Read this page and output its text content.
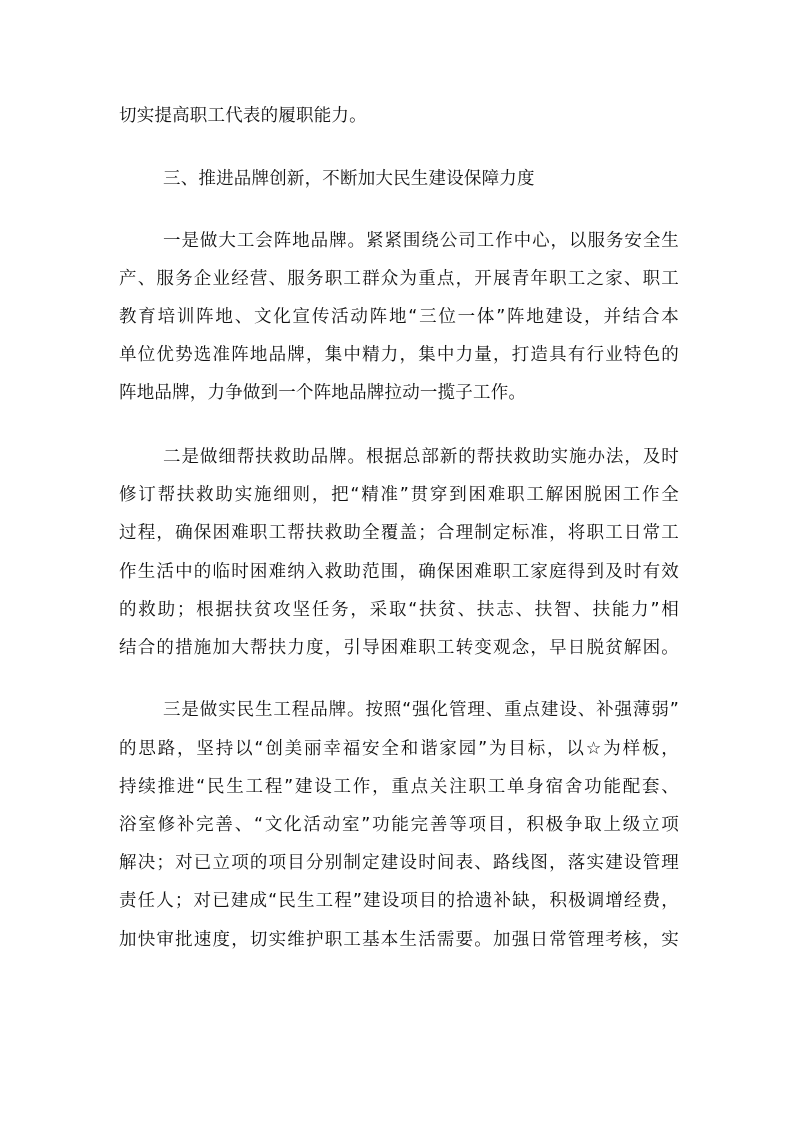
切实提高职工代表的履职能力。
三、推进品牌创新，不断加大民生建设保障力度
一是做大工会阵地品牌。紧紧围绕公司工作中心，以服务安全生
产、服务企业经营、服务职工群众为重点，开展青年职工之家、职工
教育培训阵地、文化宣传活动阵地“三位一体”阵地建设，并结合本
单位优势选准阵地品牌，集中精力，集中力量，打造具有行业特色的
阵地品牌，力争做到一个阵地品牌拉动一揽子工作。
二是做细帮扶救助品牌。根据总部新的帮扶救助实施办法，及时
修订帮扶救助实施细则，把“精准”贯穿到困难职工解困脱困工作全
过程，确保困难职工帮扶救助全覆盖；合理制定标准，将职工日常工
作生活中的临时困难纳入救助范围，确保困难职工家庭得到及时有效
的救助；根据扶贫攻坚任务，采取“扶贫、扶志、扶智、扶能力”相
结合的措施加大帮扶力度，引导困难职工转变观念，早日脱贫解困。
三是做实民生工程品牌。按照“强化管理、重点建设、补强薄弱”
的思路，坚持以“创美丽幸福安全和谐家园”为目标，以☆为样板，
持续推进“民生工程”建设工作，重点关注职工单身宿舍功能配套、
浴室修补完善、“文化活动室”功能完善等项目，积极争取上级立项
解决；对已立项的项目分别制定建设时间表、路线图，落实建设管理
责任人；对已建成“民生工程”建设项目的拾遗补缺，积极调增经费，
加快审批速度，切实维护职工基本生活需要。加强日常管理考核，实
